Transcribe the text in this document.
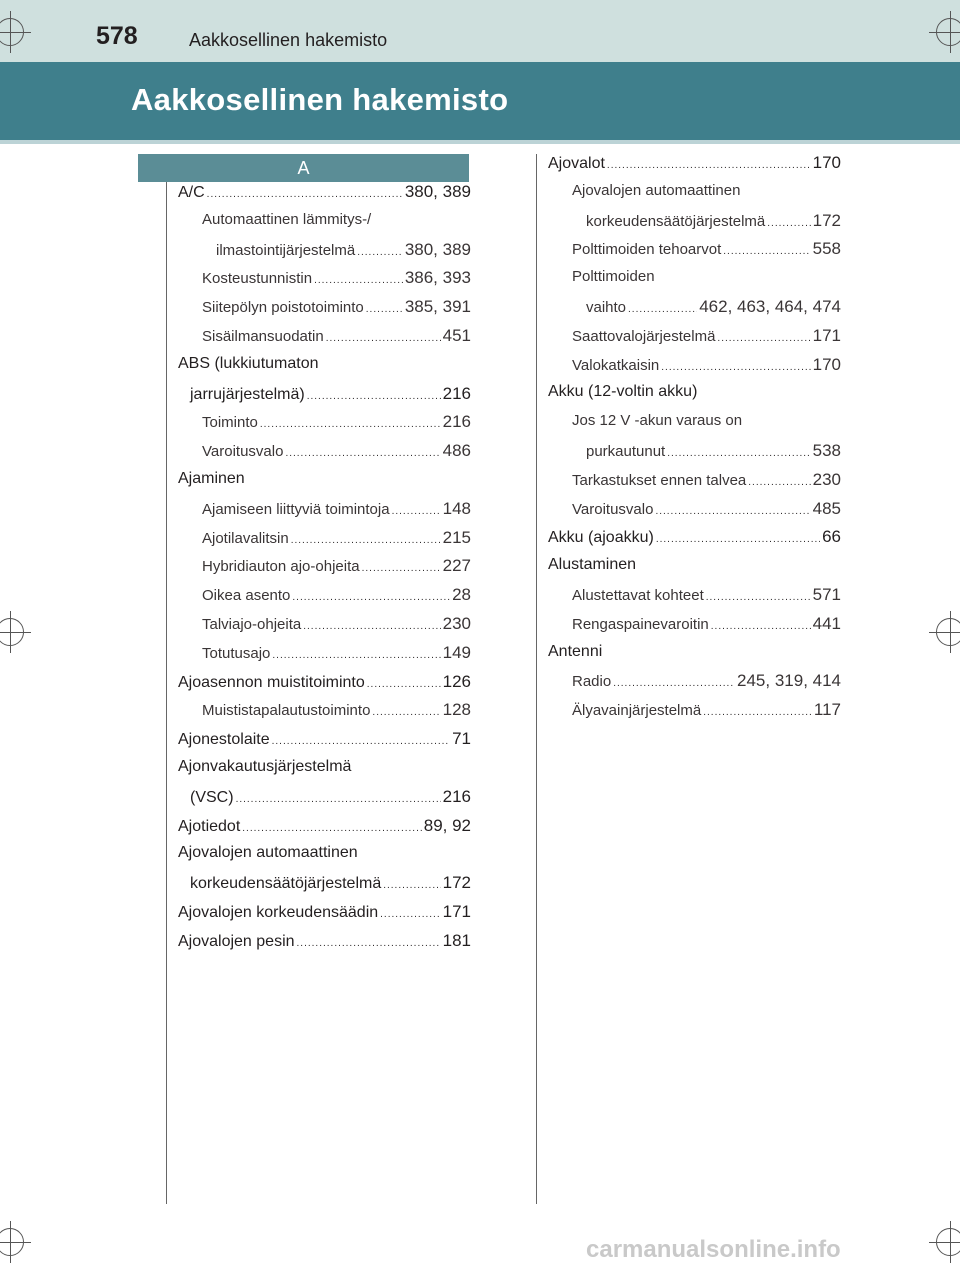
578	Aakkosellinen hakemisto
Aakkosellinen hakemisto
A
A/C .....	380, 389
Automaattinen lämmitys-/
ilmastointijärjestelmä .....	380, 389
Kosteustunnistin .....	386, 393
Siitepölyn poistotoiminto ..... 385, 391
Sisäilmansuodatin .....	451
ABS (lukkiutumaton
jarrujärjestelmä) .....	216
Toiminto .....	216
Varoitusvalo .....	486
Ajaminen
Ajamiseen liittyviä toimintoja .....	148
Ajotilavalitsin .....	215
Hybridiauton ajo-ohjeita .....	227
Oikea asento .....	28
Talviajo-ohjeita .....	230
Totutusajo .....	149
Ajoasennon muistitoiminto .....	126
Muististapalautustoiminto .....	128
Ajonestolaite .....	71
Ajonvakautusjärjestelmä
(VSC) .....	216
Ajotiedot .....	89, 92
Ajovalojen automaattinen
korkeudensäätöjärjestelmä .....	172
Ajovalojen korkeudensäädin .....	171
Ajovalojen pesin .....	181
Ajovalot .....	170
Ajovalojen automaattinen
korkeudensäätöjärjestelmä .....	172
Polttimoiden tehoarvot .....	558
Polttimoiden
vaihto .....	462, 463, 464, 474
Saattovalojärjestelmä .....	171
Valokatkaisin .....	170
Akku (12-voltin akku)
Jos 12 V -akun varaus on
purkautunut .....	538
Tarkastukset ennen talvea .....	230
Varoitusvalo .....	485
Akku (ajoakku) .....	66
Alustaminen
Alustettavat kohteet .....	571
Rengaspainevaroitin .....	441
Antenni
Radio .....	245, 319, 414
Älyavainjärjestelmä .....	117
carmanualsonline.info
